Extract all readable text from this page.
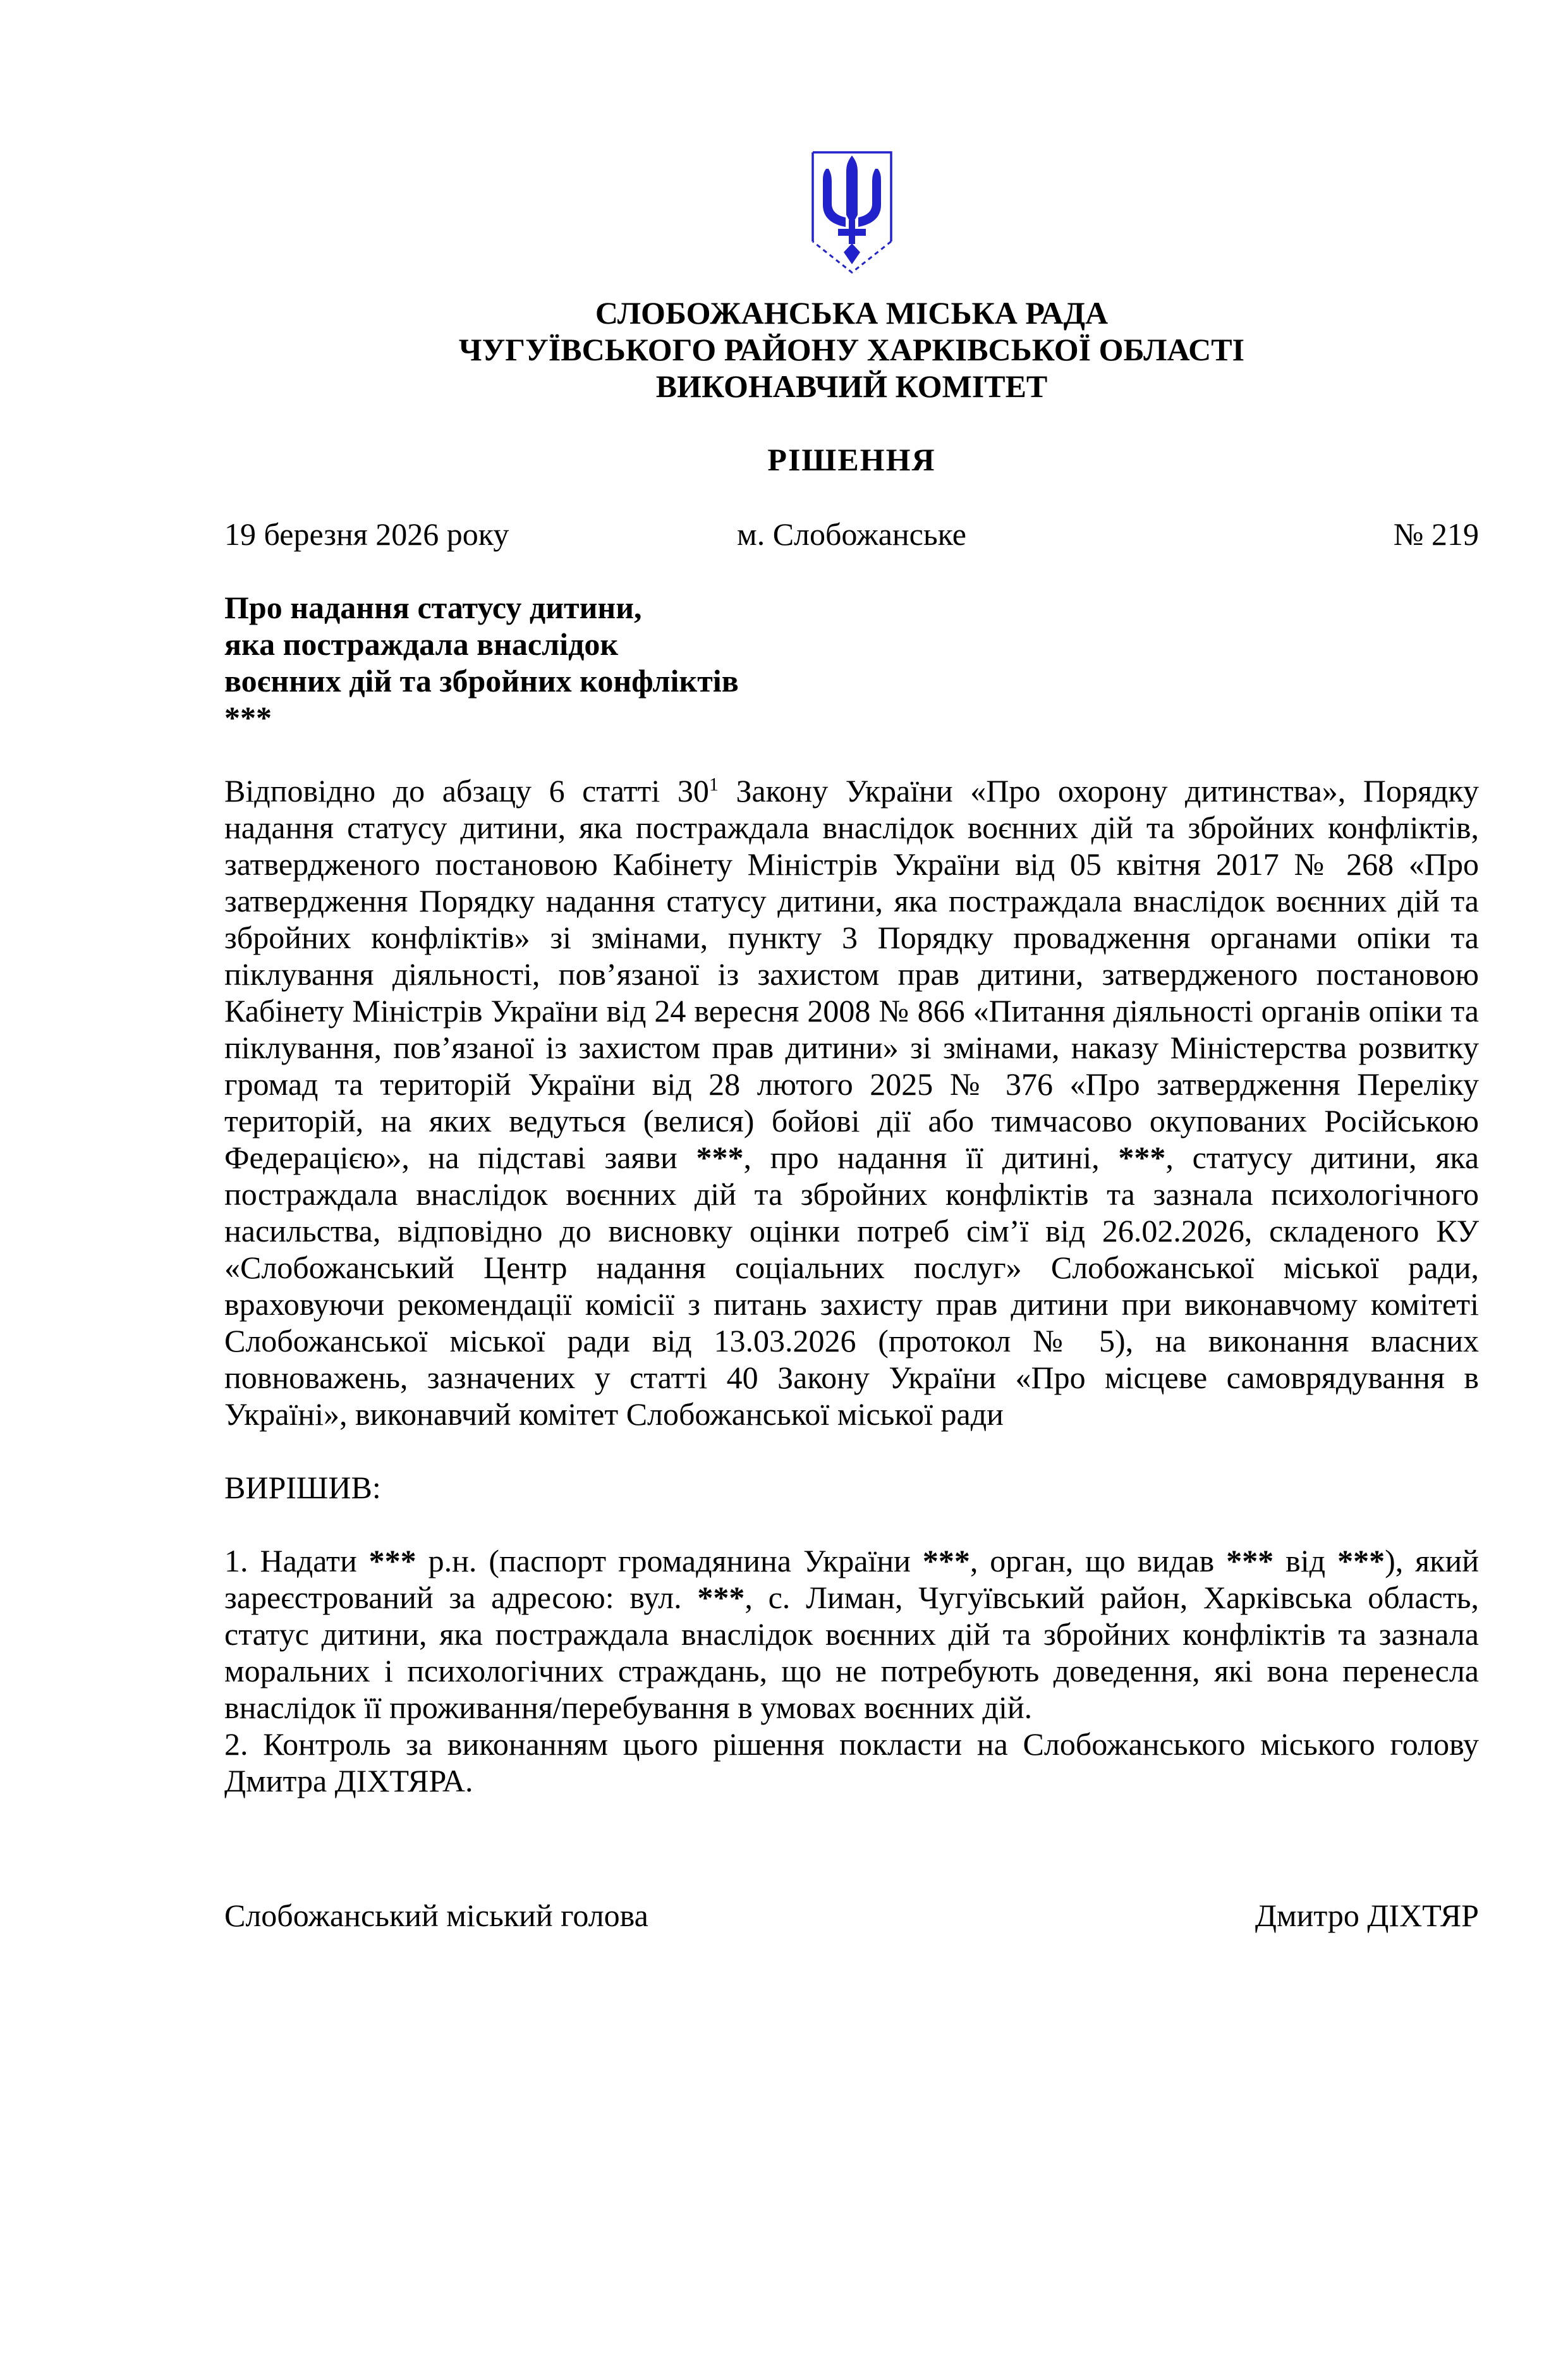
СЛОБОЖАНСЬКА МІСЬКА РАДА
ЧУГУЇВСЬКОГО РАЙОНУ ХАРКІВСЬКОЇ ОБЛАСТІ
ВИКОНАВЧИЙ КОМІТЕТ
РІШЕННЯ
19 березня 2026 року	м. Слобожанське	№ 219
Про надання статусу дитини,
яка постраждала внаслідок
воєнних дій та збройних конфліктів
***

Відповідно до абзацу 6 статті $30^1$ Закону України «Про охорону дитинства», Порядку надання статусу дитини, яка постраждала внаслідок воєнних дій та збройних конфліктів, затвердженого постановою Кабінету Міністрів України від 05 квітня 2017 № 268 «Про затвердження Порядку надання статусу дитини, яка постраждала внаслідок воєнних дій та збройних конфліктів» зі змінами, пункту 3 Порядку провадження органами опіки та піклування діяльності, пов’язаної із захистом прав дитини, затвердженого постановою Кабінету Міністрів України від 24 вересня 2008 № 866 «Питання діяльності органів опіки та піклування, пов’язаної із захистом прав дитини» зі змінами, наказу Міністерства розвитку громад та територій України від 28 лютого 2025 № 376 «Про затвердження Переліку територій, на яких ведуться (велися) бойові дії або тимчасово окупованих Російською Федерацією», на підставі заяви ***, про надання її дитині, ***, статусу дитини, яка постраждала внаслідок воєнних дій та збройних конфліктів та зазнала психологічного насильства, відповідно до висновку оцінки потреб сім’ї від 26.02.2026, складеного КУ «Слобожанський Центр надання соціальних послуг» Слобожанської міської ради, враховуючи рекомендації комісії з питань захисту прав дитини при виконавчому комітеті Слобожанської міської ради від 13.03.2026 (протокол № 5), на виконання власних повноважень, зазначених у статті 40 Закону України «Про місцеве самоврядування в Україні», виконавчий комітет Слобожанської міської ради

ВИРІШИВ:

1. Надати *** р.н. (паспорт громадянина України ***, орган, що видав *** від ***), який зареєстрований за адресою: вул. ***, с. Лиман, Чугуївський район, Харківська область, статус дитини, яка постраждала внаслідок воєнних дій та збройних конфліктів та зазнала моральних і психологічних страждань, що не потребують доведення, які вона перенесла внаслідок її проживання/перебування в умовах воєнних дій.

2. Контроль за виконанням цього рішення покласти на Слобожанського міського голову Дмитра ДІХТЯРА.

Слобожанський міський голова	Дмитро ДІХТЯР
